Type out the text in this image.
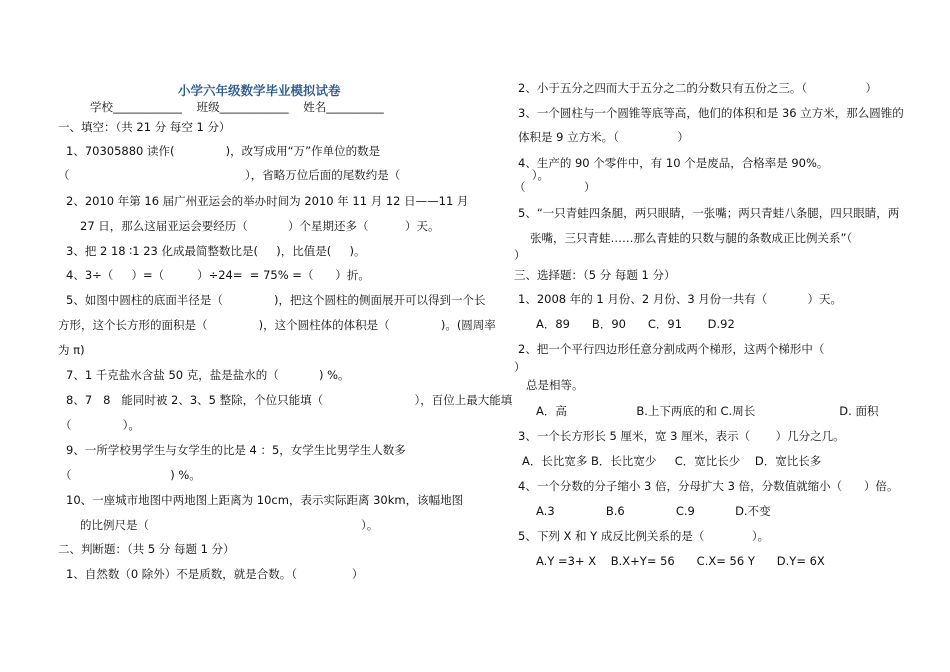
小学六年级数学毕业模拟试卷
学校____________    班级____________    姓名__________
一、填空：（共 21 分 每空 1 分）
1、70305880 读作(              )，改写成用“万”作单位的数是
（                                                ），省略万位后面的尾数约是（                                    ）。
2、2010 年第 16 届广州亚运会的举办时间为 2010 年 11 月 12 日——11 月
27 日，那么这届亚运会要经历（           ）个星期还多（          ）天。
3、把 2 18 ∶1 23 化成最简整数比是(     )，比值是(     )。
4、3÷（     ）=（         ）÷24=  = 75% =（      ）折。
5、如图中圆柱的底面半径是（              )，把这个圆柱的侧面展开可以得到一个长
方形，这个长方形的面积是（              )，这个圆柱体的体积是（              )。(圆周率
为 π)
7、1 千克盐水含盐 50 克，盐是盐水的（           ) %。
8、7   8   能同时被 2、3、5 整除，个位只能填（                         ），百位上最大能填
（              ）。
9、一所学校男学生与女学生的比是 4 ：5，女学生比男学生人数多
（                           ) %。
10、一座城市地图中两地图上距离为 10cm，表示实际距离 30km，该幅地图
的比例尺是（                                                          ）。
二、判断题：（共 5 分 每题 1 分）
1、自然数（0 除外）不是质数，就是合数。（               ）
2、小于五分之四而大于五分之二的分数只有五份之三。（                ）
3、一个圆柱与一个圆锥等底等高，他们的体积和是 36 立方米，那么圆锥的
体积是 9 立方米。（                ）
4、生产的 90 个零件中，有 10 个是废品，合格率是 90%。
（                ）
5、“一只青蛙四条腿，两只眼睛，一张嘴；两只青蛙八条腿，四只眼睛，两
张嘴，三只青蛙……那么青蛙的只数与腿的条数成正比例关系”（
）
三、选择题：（5 分 每题 1 分）
1、2008 年的 1 月份、2 月份、3 月份一共有（           ）天。
A．89      B．90      C．91       D.92
2、把一个平行四边形任意分割成两个梯形，这两个梯形中（
）
总是相等。
A．高                   B.上下两底的和 C.周长                       D. 面积
3、一个长方形长 5 厘米，宽 3 厘米，表示（       ）几分之几。
A．长比宽多 B．长比宽少     C．宽比长少    D．宽比长多
4、一个分数的分子缩小 3 倍，分母扩大 3 倍，分数值就缩小（      ）倍。
A.3              B.6              C.9           D.不变
5、下列 X 和 Y 成反比例关系的是（             ）。
A.Y =3+ X    B.X+Y= 56      C.X= 56 Y      D.Y= 6X
